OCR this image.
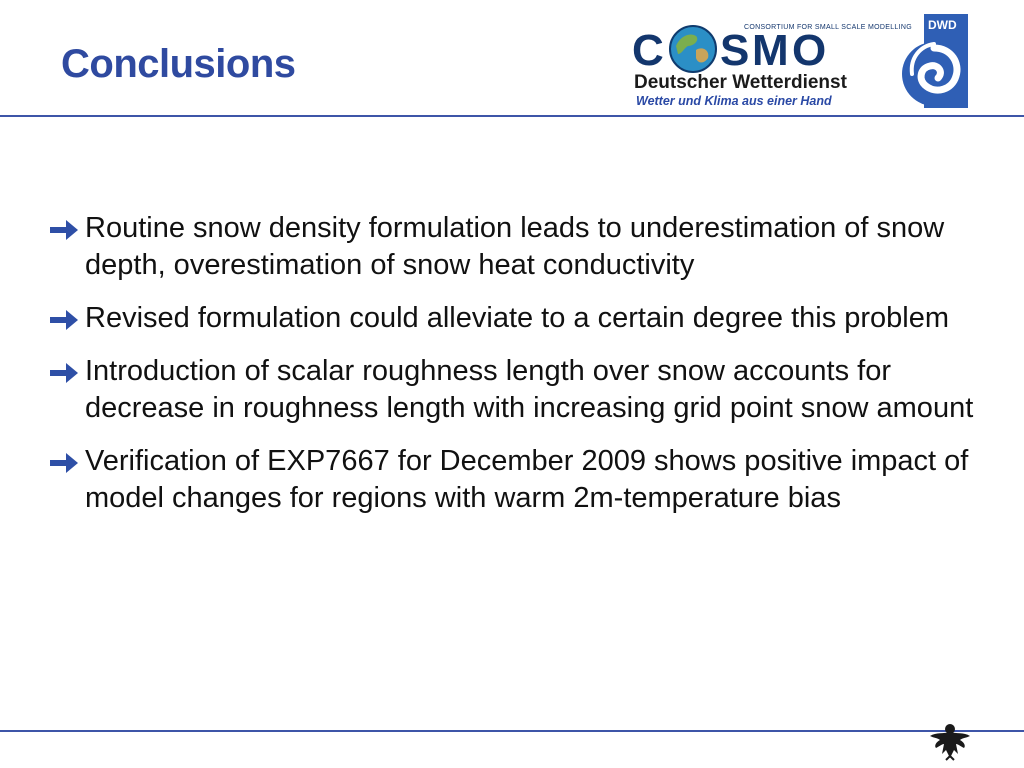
Conclusions	C S M O
CONSORTIUM FOR SMALL SCALE MODELLING
Deutscher Wetterdienst
Wetter und Klima aus einer Hand
DWD
Routine snow density formulation leads to underestimation of snow depth, overestimation of snow heat conductivity
Revised formulation could alleviate to a certain degree this problem
Introduction of scalar roughness length over snow accounts for decrease in roughness length with increasing grid point snow amount
Verification of EXP7667 for December 2009 shows positive impact of model changes for regions with warm 2m-temperature bias
